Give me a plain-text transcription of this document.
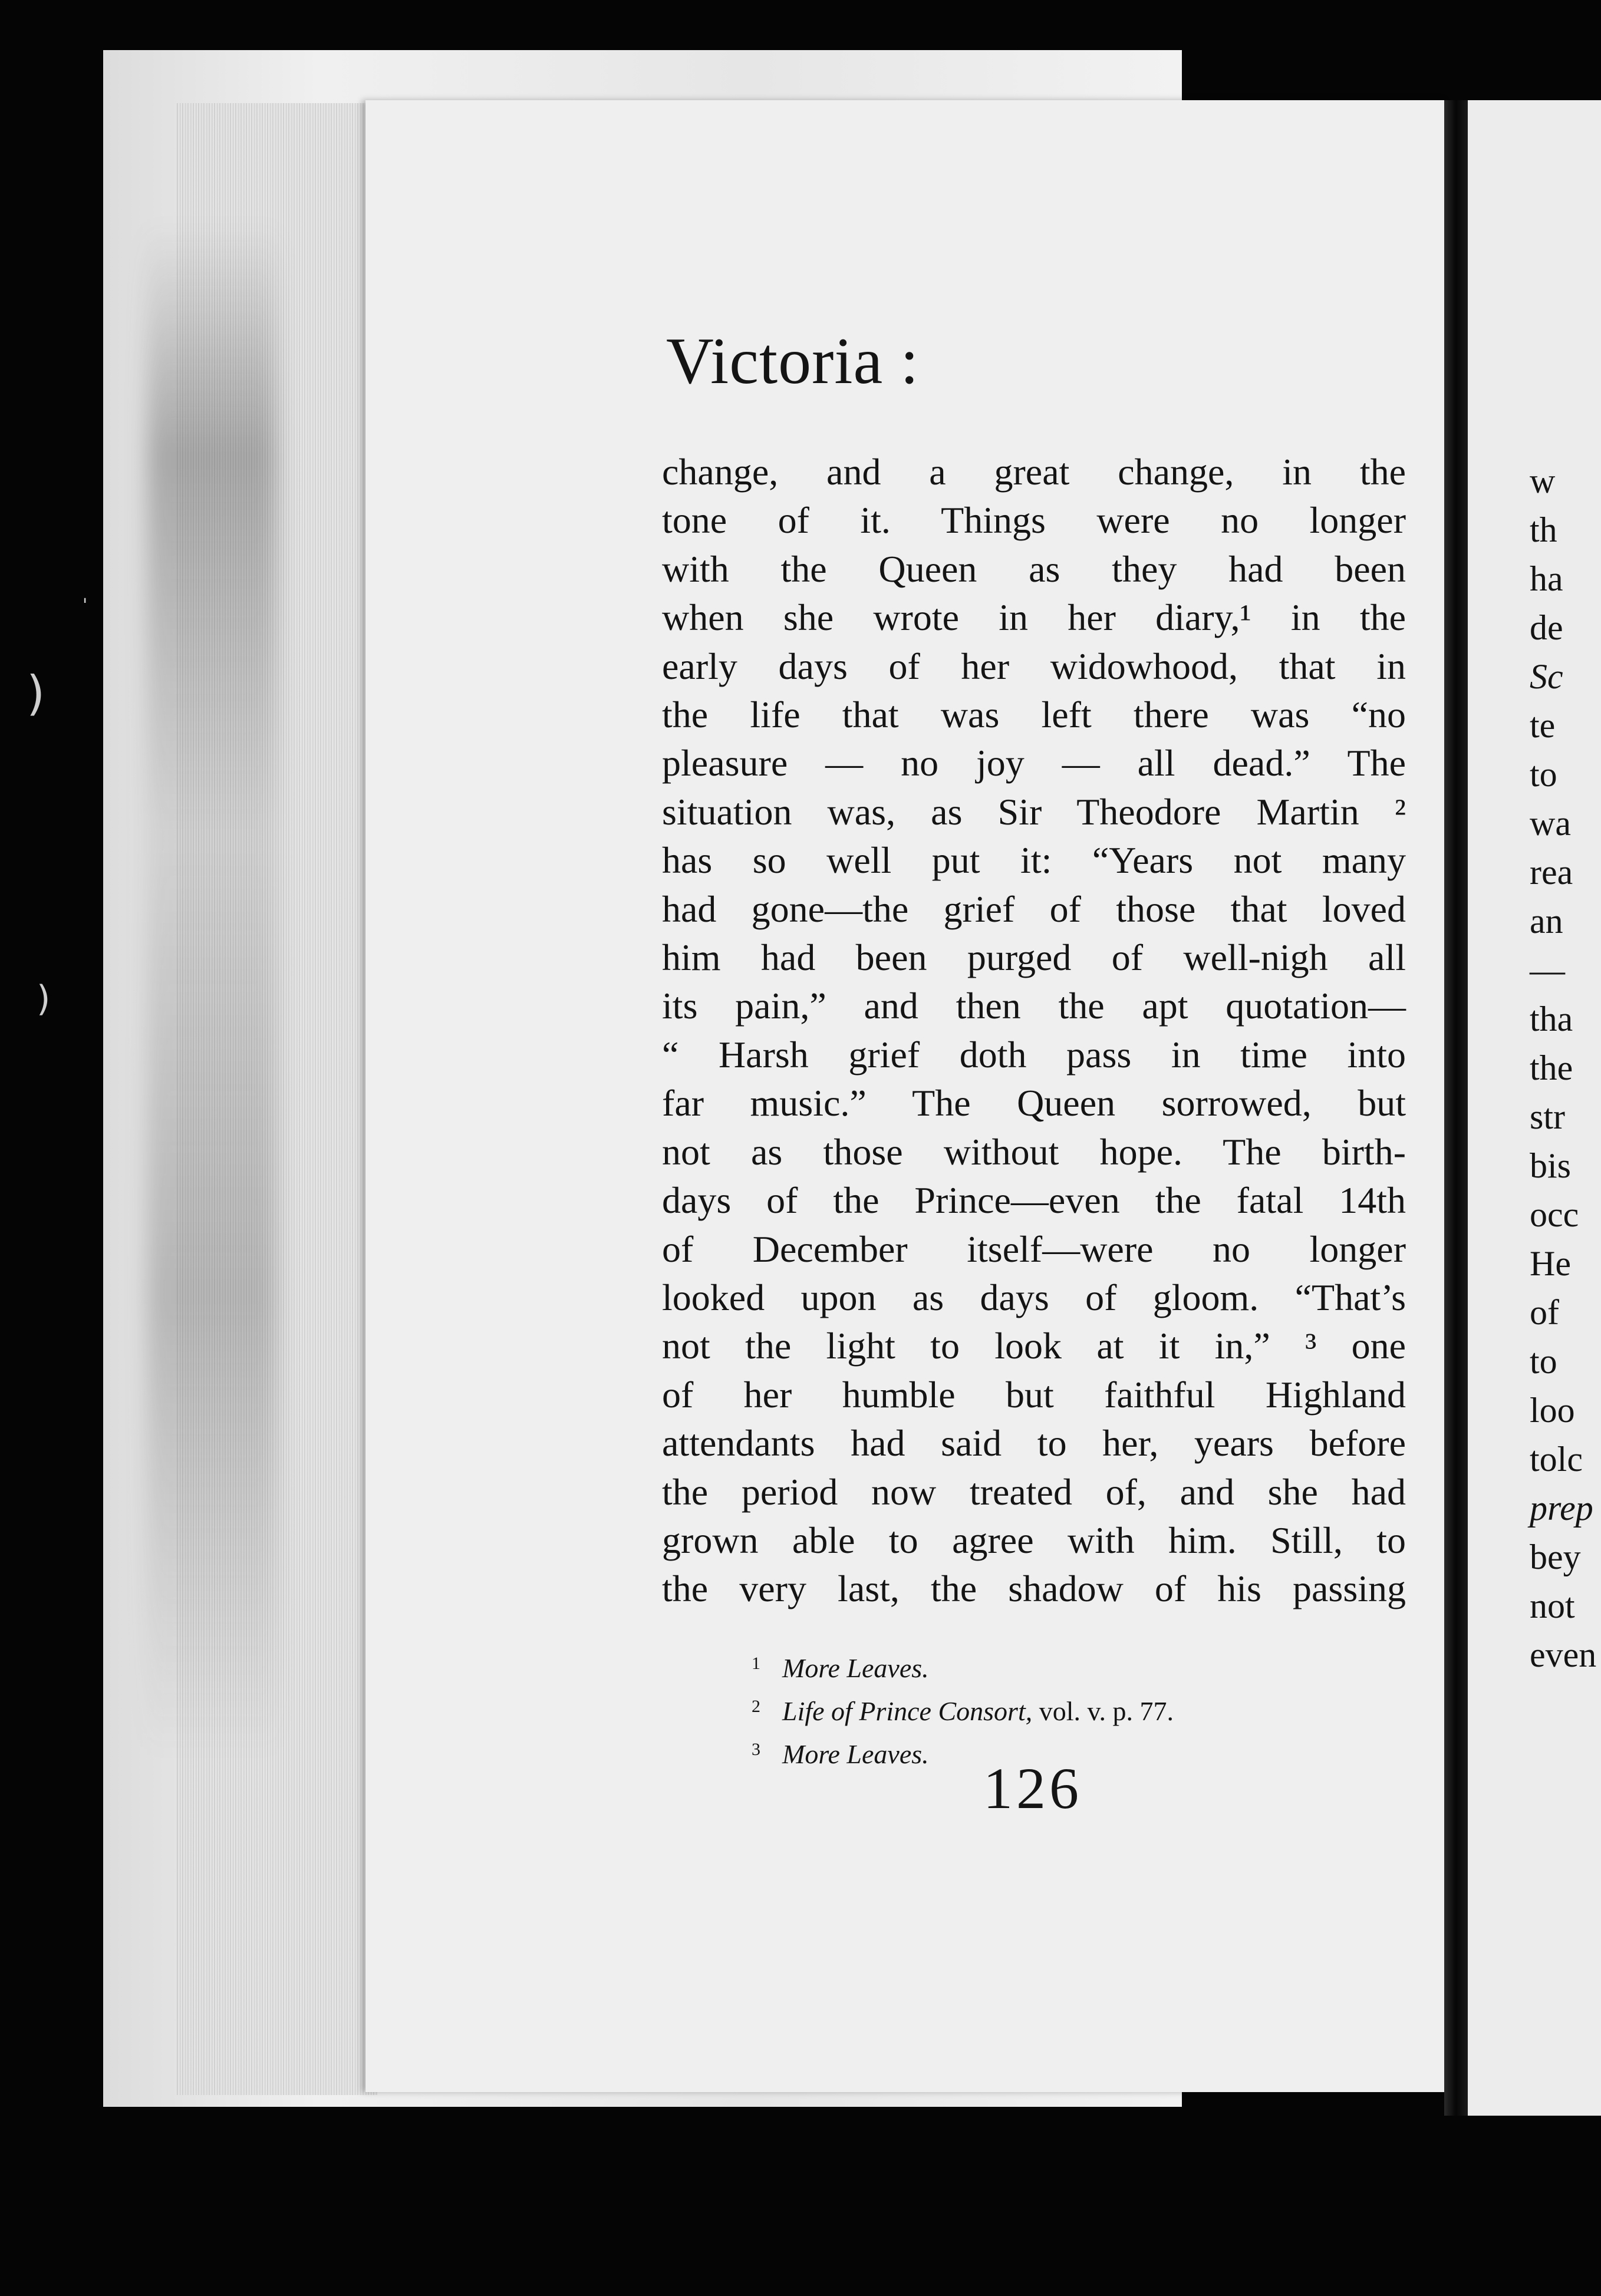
'
)
)
Victoria :
change, and a great change, in the
tone of it. Things were no longer
with the Queen as they had been
when she wrote in her diary,¹ in the
early days of her widowhood, that in
the life that was left there was “no
pleasure — no joy — all dead.” The
situation was, as Sir Theodore Martin ²
has so well put it: “Years not many
had gone—the grief of those that loved
him had been purged of well-nigh all
its pain,” and then the apt quotation—
“ Harsh grief doth pass in time into
far music.” The Queen sorrowed, but
not as those without hope. The birth-
days of the Prince—even the fatal 14th
of December itself—were no longer
looked upon as days of gloom. “That’s
not the light to look at it in,” ³ one
of her humble but faithful Highland
attendants had said to her, years before
the period now treated of, and she had
grown able to agree with him. Still, to
the very last, the shadow of his passing
1 More Leaves.
2 Life of Prince Consort, vol. v. p. 77.
3 More Leaves.
126
w
th
ha
de
Sc
te
to
wa
rea
an
—
tha
the
str
bis
occ
He
of
to
loo
tolc
prep
bey
not
even
